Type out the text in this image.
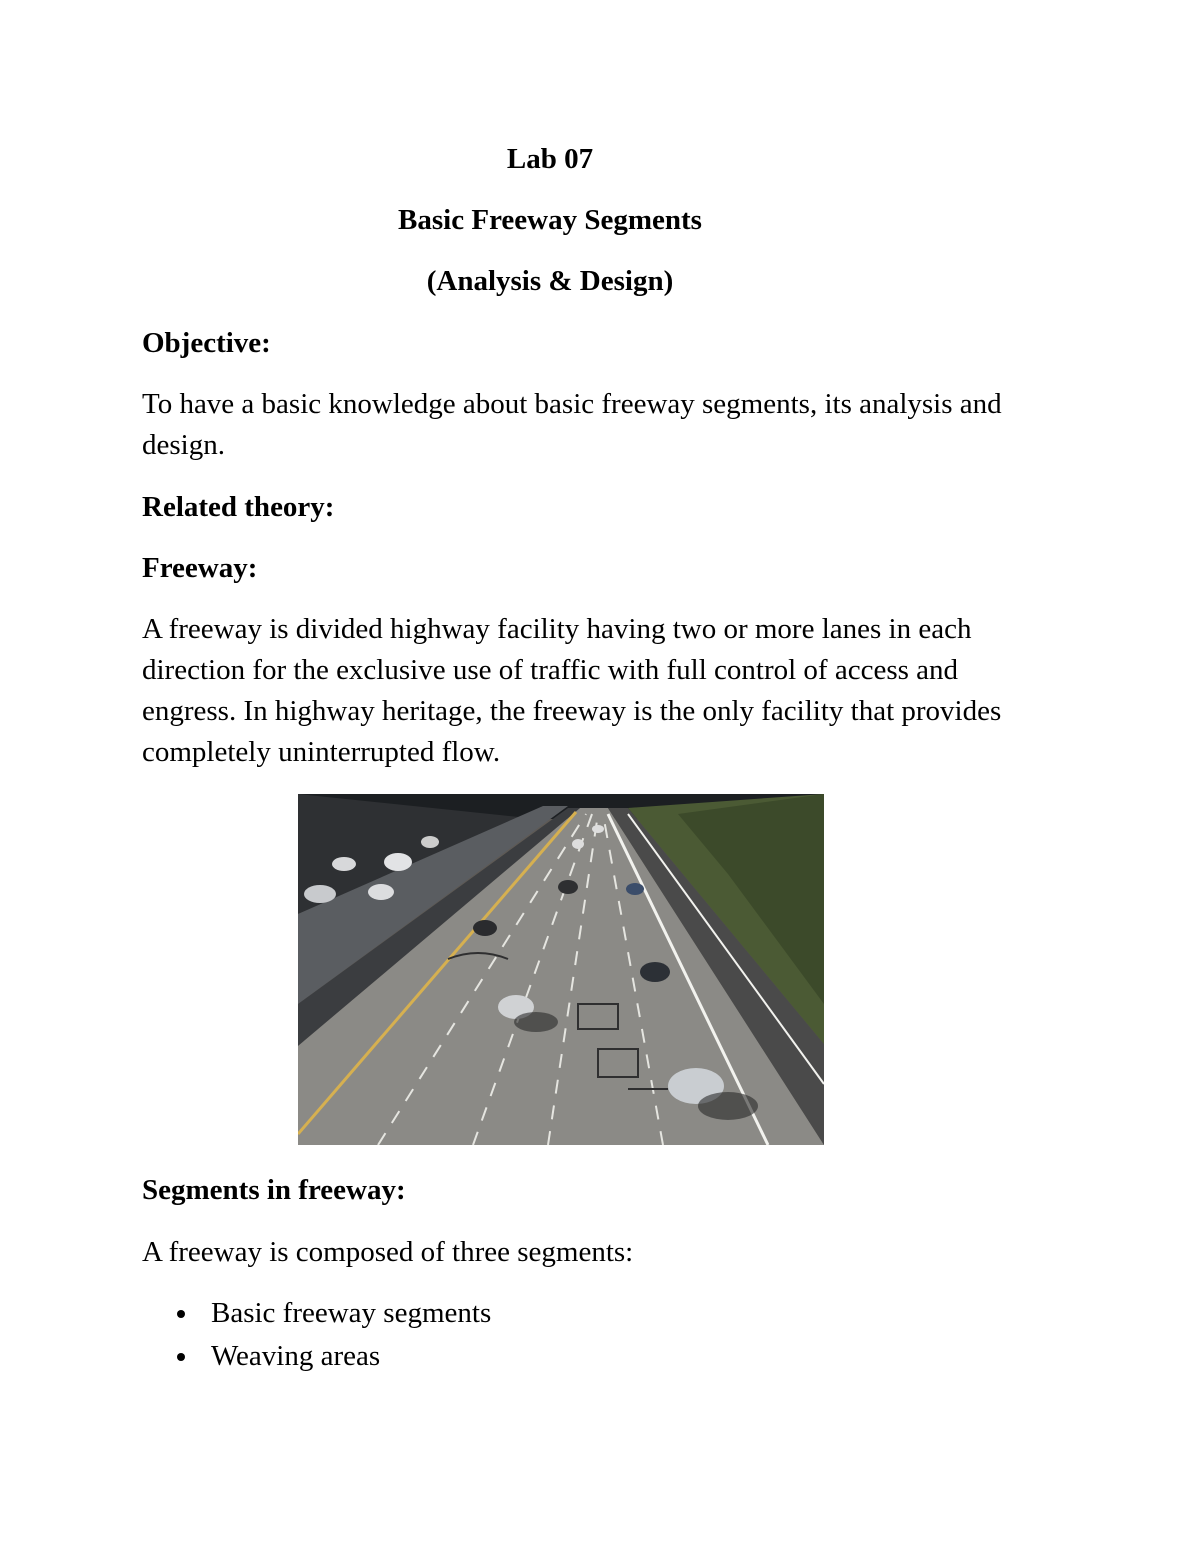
Lab 07
Basic Freeway Segments
(Analysis & Design)
Objective:

To have a basic knowledge about basic freeway segments, its analysis and design.

Related theory:
Freeway:

A freeway is divided highway facility having two or more lanes in each direction for the exclusive use of traffic with full control of access and engress. In highway heritage, the freeway is the only facility that provides completely uninterrupted flow.

Segments in freeway:

A freeway is composed of three segments:

Basic freeway segments
Weaving areas
